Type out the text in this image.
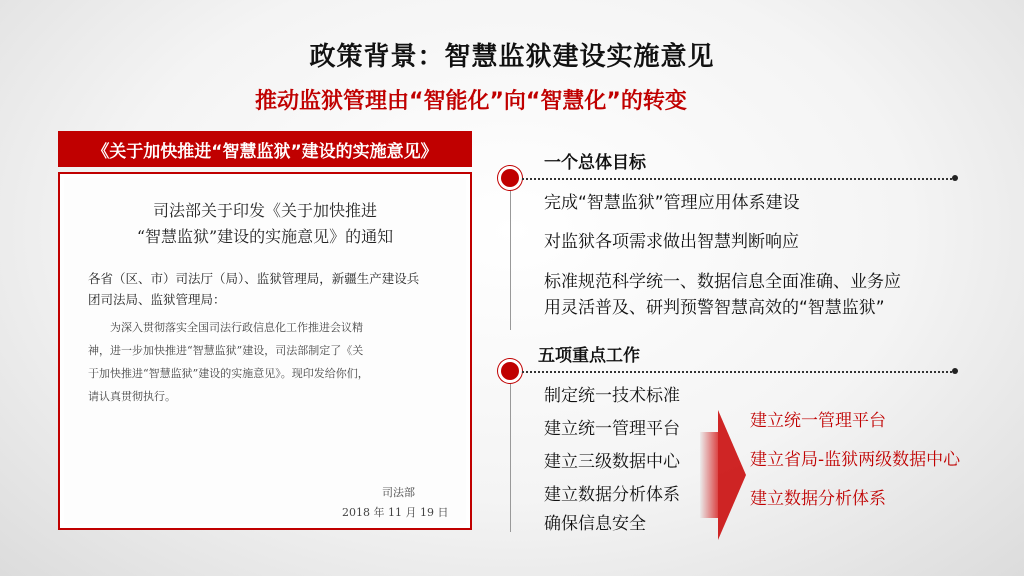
政策背景：智慧监狱建设实施意见
推动监狱管理由“智能化”向“智慧化”的转变
《关于加快推进“智慧监狱”建设的实施意见》
司法部关于印发《关于加快推进
“智慧监狱”建设的实施意见》的通知
各省（区、市）司法厅（局）、监狱管理局，新疆生产建设兵
团司法局、监狱管理局：
为深入贯彻落实全国司法行政信息化工作推进会议精
神，进一步加快推进“智慧监狱”建设，司法部制定了《关
于加快推进“智慧监狱”建设的实施意见》。现印发给你们，
请认真贯彻执行。
司法部
2018 年 11 月 19 日
一个总体目标
完成“智慧监狱”管理应用体系建设
对监狱各项需求做出智慧判断响应
标准规范科学统一、数据信息全面准确、业务应
用灵活普及、研判预警智慧高效的“智慧监狱”
五项重点工作
制定统一技术标准
建立统一管理平台
建立三级数据中心
建立数据分析体系
确保信息安全
建立统一管理平台
建立省局-监狱两级数据中心
建立数据分析体系
